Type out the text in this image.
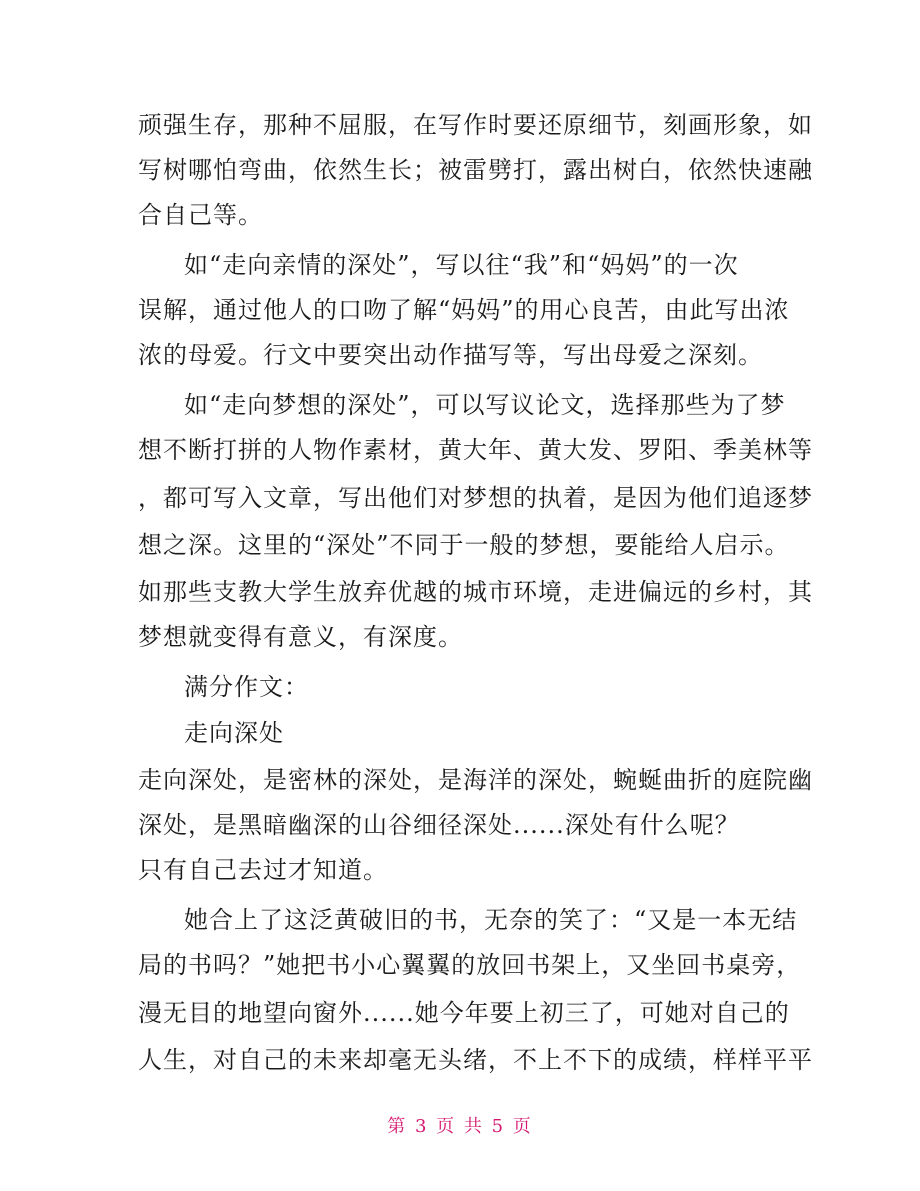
顽强生存，那种不屈服，在写作时要还原细节，刻画形象，如
写树哪怕弯曲，依然生长；被雷劈打，露出树白，依然快速融
合自己等。
如“走向亲情的深处”，写以往“我”和“妈妈”的一次
误解，通过他人的口吻了解“妈妈”的用心良苦，由此写出浓
浓的母爱。行文中要突出动作描写等，写出母爱之深刻。
如“走向梦想的深处”，可以写议论文，选择那些为了梦
想不断打拼的人物作素材，黄大年、黄大发、罗阳、季美林等
，都可写入文章，写出他们对梦想的执着，是因为他们追逐梦
想之深。这里的“深处”不同于一般的梦想，要能给人启示。
如那些支教大学生放弃优越的城市环境，走进偏远的乡村，其
梦想就变得有意义，有深度。
满分作文：
走向深处
走向深处，是密林的深处，是海洋的深处，蜿蜒曲折的庭院幽
深处，是黑暗幽深的山谷细径深处......深处有什么呢？
只有自己去过才知道。
她合上了这泛黄破旧的书，无奈的笑了：“又是一本无结
局的书吗？”她把书小心翼翼的放回书架上，又坐回书桌旁，
漫无目的地望向窗外......她今年要上初三了，可她对自己的
人生，对自己的未来却毫无头绪，不上不下的成绩，样样平平
第 3 页 共 5 页
